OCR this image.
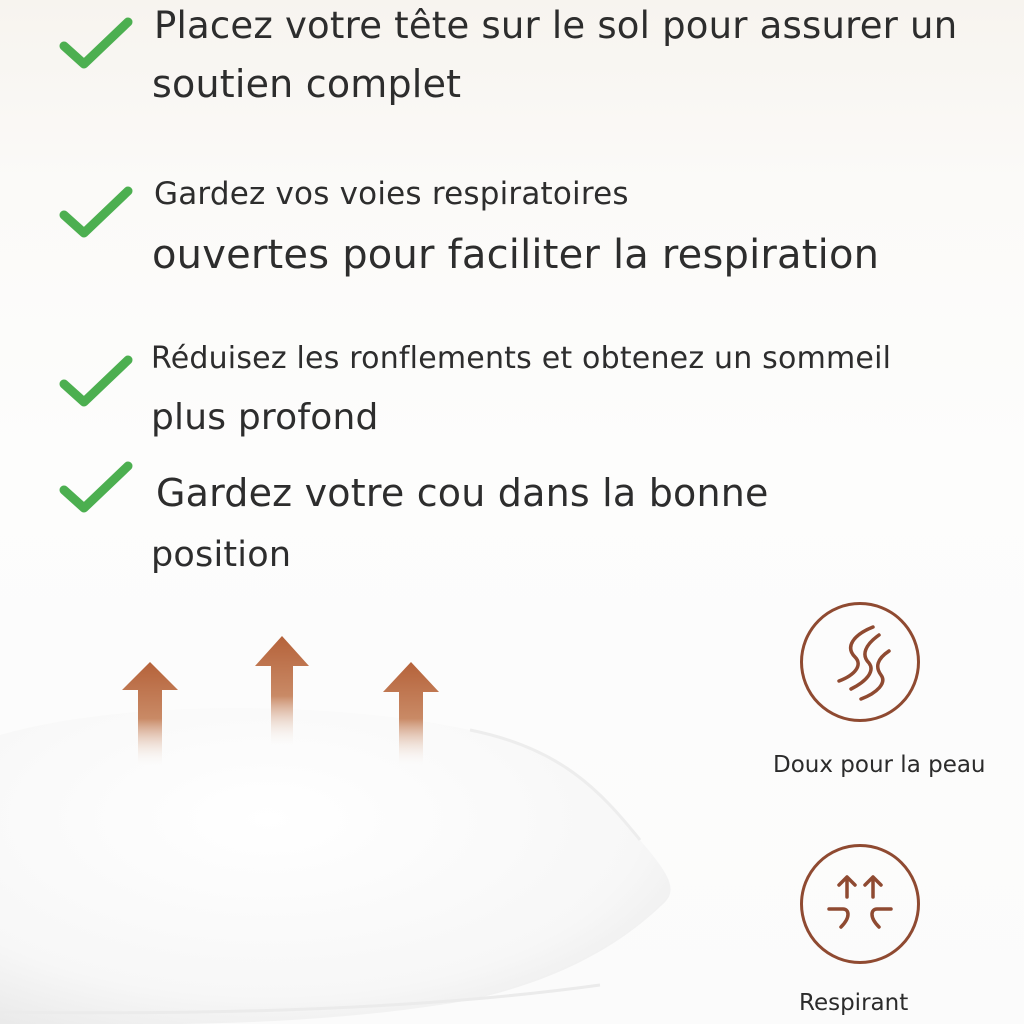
Placez votre tête sur le sol pour assurer un
soutien complet
Gardez vos voies respiratoires
ouvertes pour faciliter la respiration
Réduisez les ronflements et obtenez un sommeil
plus profond
Gardez votre cou dans la bonne
position
Doux pour la peau
Respirant
